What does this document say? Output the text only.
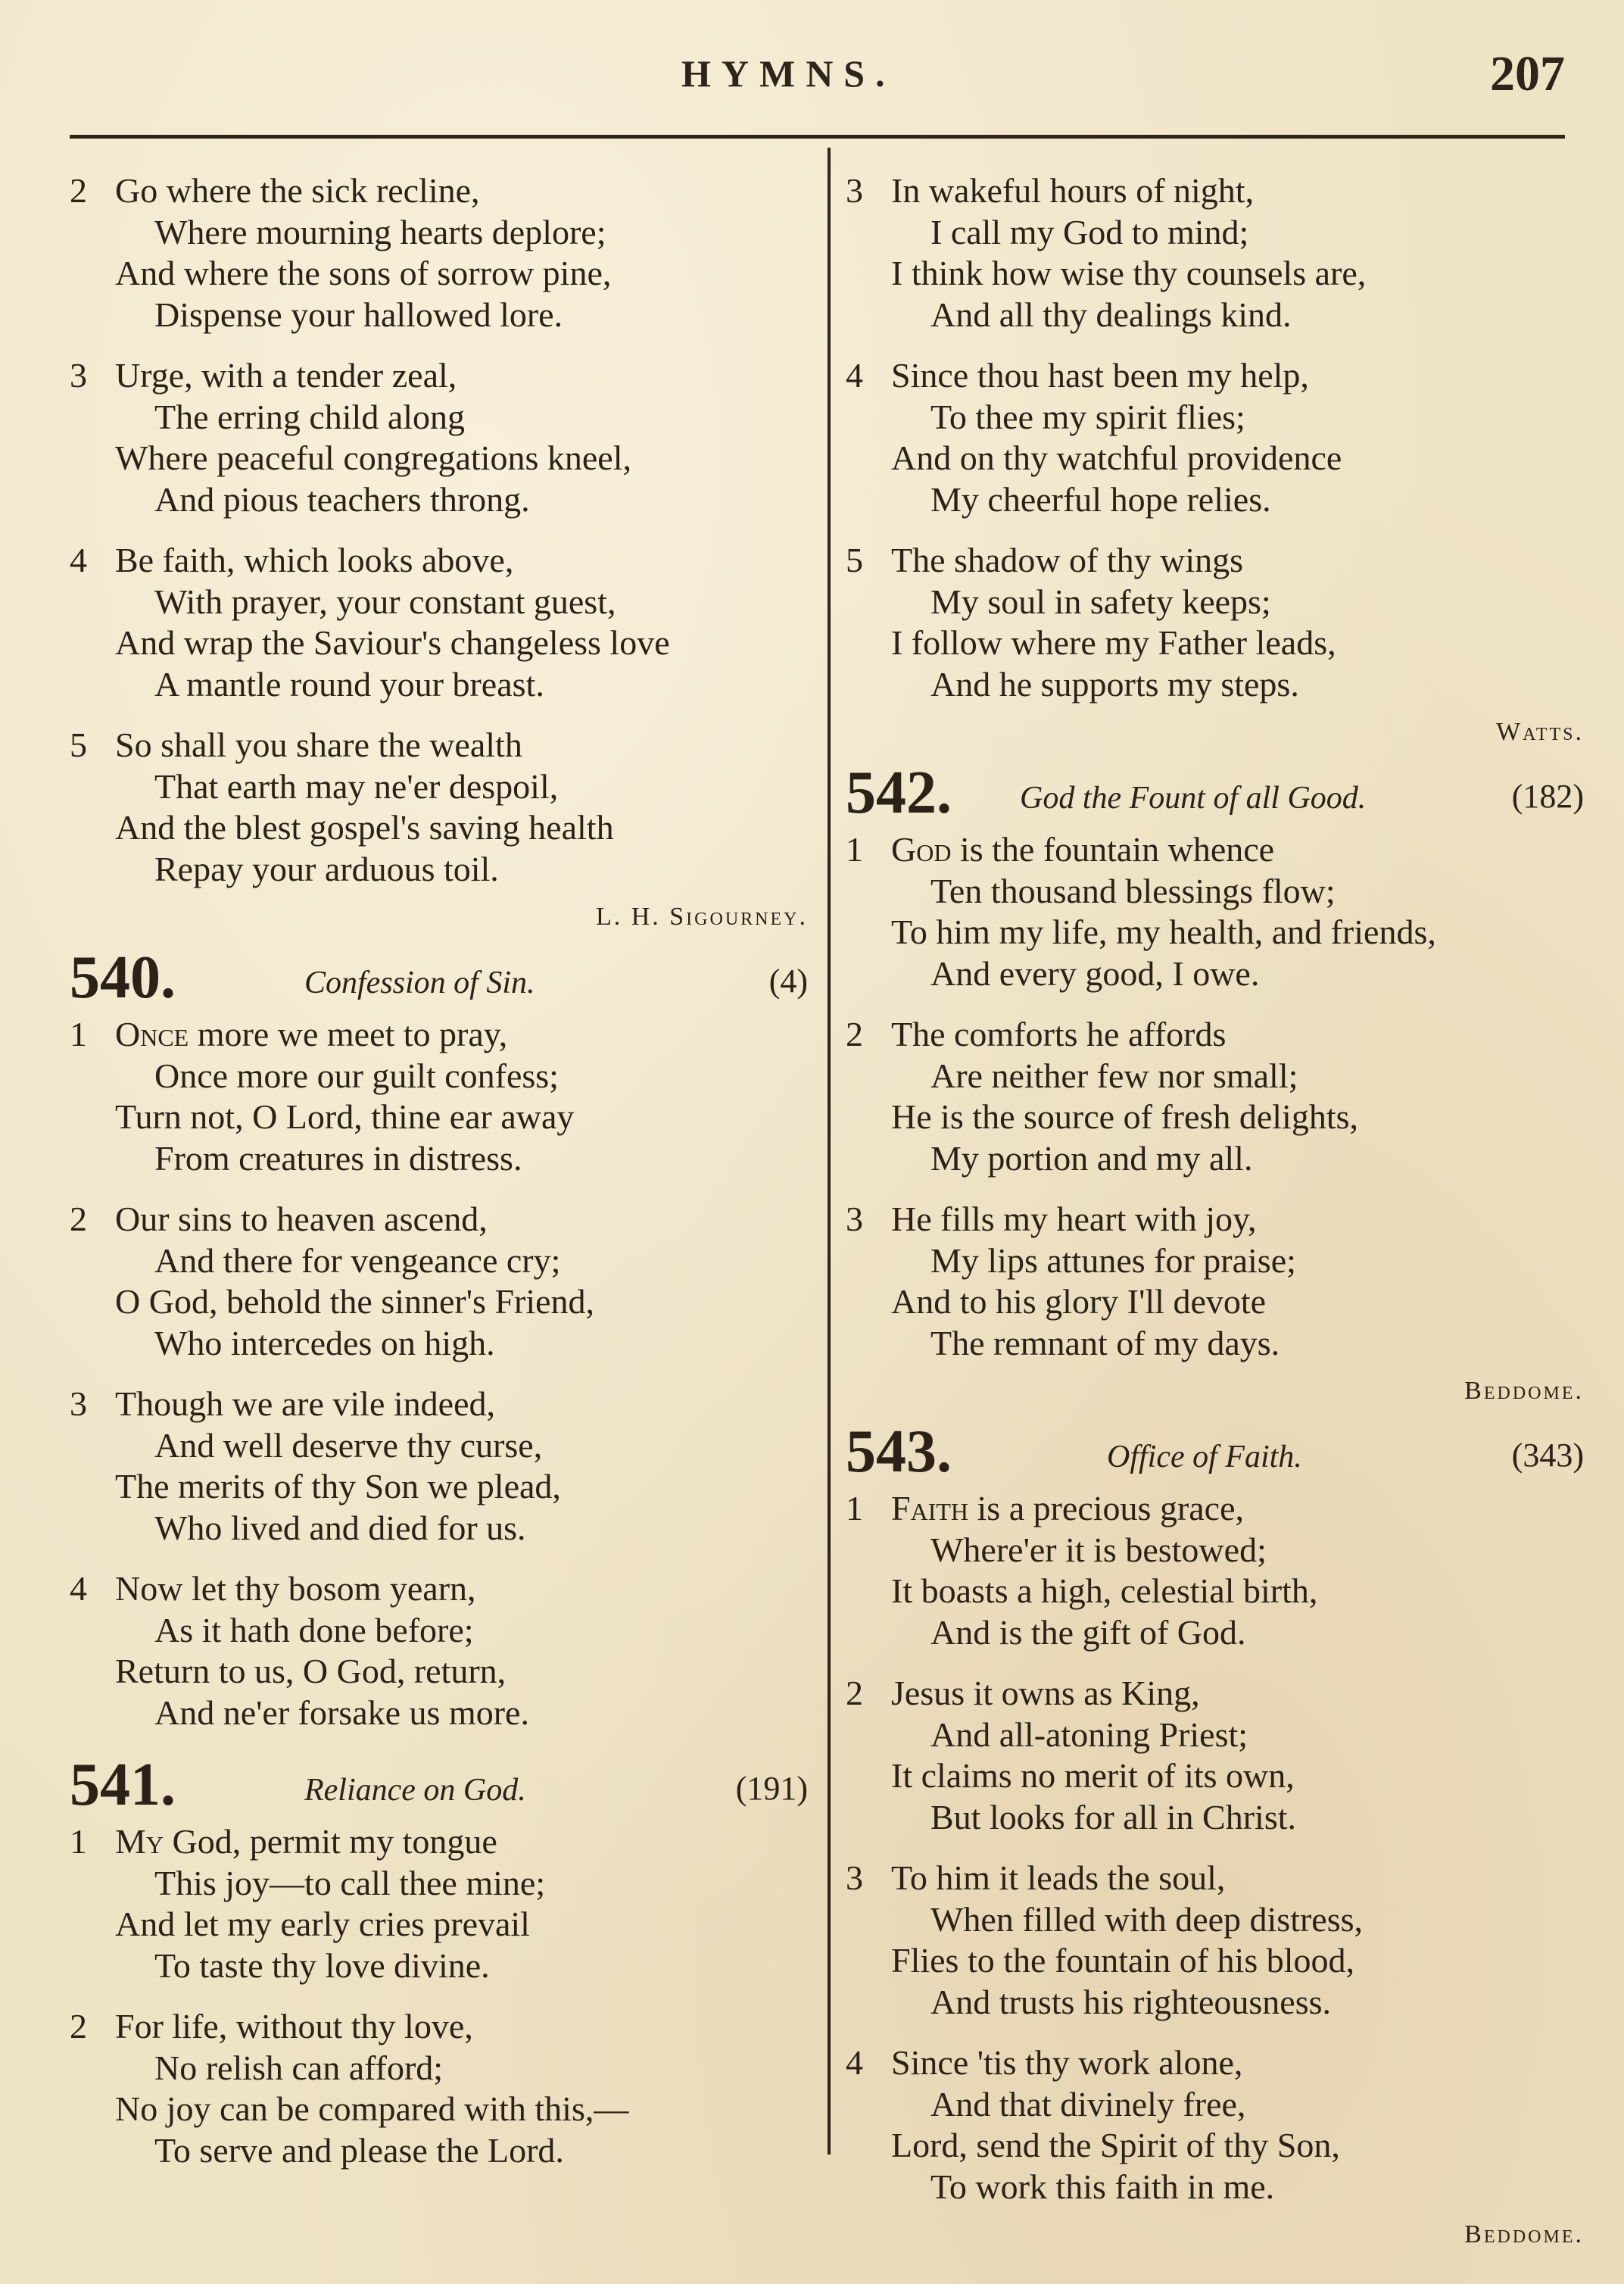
HYMNS.	207
2 Go where the sick recline,
Where mourning hearts deplore;
And where the sons of sorrow pine,
Dispense your hallowed lore.
3 Urge, with a tender zeal,
The erring child along
Where peaceful congregations kneel,
And pious teachers throng.
4 Be faith, which looks above,
With prayer, your constant guest,
And wrap the Saviour's changeless love
A mantle round your breast.
5 So shall you share the wealth
That earth may ne'er despoil,
And the blest gospel's saving health
Repay your arduous toil.
L. H. Sigourney.
540.	Confession of Sin.	(4)
1 Once more we meet to pray,
Once more our guilt confess;
Turn not, O Lord, thine ear away
From creatures in distress.
2 Our sins to heaven ascend,
And there for vengeance cry;
O God, behold the sinner's Friend,
Who intercedes on high.
3 Though we are vile indeed,
And well deserve thy curse,
The merits of thy Son we plead,
Who lived and died for us.
4 Now let thy bosom yearn,
As it hath done before;
Return to us, O God, return,
And ne'er forsake us more.
541.	Reliance on God.	(191)
1 My God, permit my tongue
This joy—to call thee mine;
And let my early cries prevail
To taste thy love divine.
2 For life, without thy love,
No relish can afford;
No joy can be compared with this,—
To serve and please the Lord.
3 In wakeful hours of night,
I call my God to mind;
I think how wise thy counsels are,
And all thy dealings kind.
4 Since thou hast been my help,
To thee my spirit flies;
And on thy watchful providence
My cheerful hope relies.
5 The shadow of thy wings
My soul in safety keeps;
I follow where my Father leads,
And he supports my steps.
Watts.
542. God the Fount of all Good.	(182)
1 God is the fountain whence
Ten thousand blessings flow;
To him my life, my health, and friends,
And every good, I owe.
2 The comforts he affords
Are neither few nor small;
He is the source of fresh delights,
My portion and my all.
3 He fills my heart with joy,
My lips attunes for praise;
And to his glory I'll devote
The remnant of my days.
Beddome.
543.	Office of Faith.	(343)
1 Faith is a precious grace,
Where'er it is bestowed;
It boasts a high, celestial birth,
And is the gift of God.
2 Jesus it owns as King,
And all-atoning Priest;
It claims no merit of its own,
But looks for all in Christ.
3 To him it leads the soul,
When filled with deep distress,
Flies to the fountain of his blood,
And trusts his righteousness.
4 Since 'tis thy work alone,
And that divinely free,
Lord, send the Spirit of thy Son,
To work this faith in me.
Beddome.
